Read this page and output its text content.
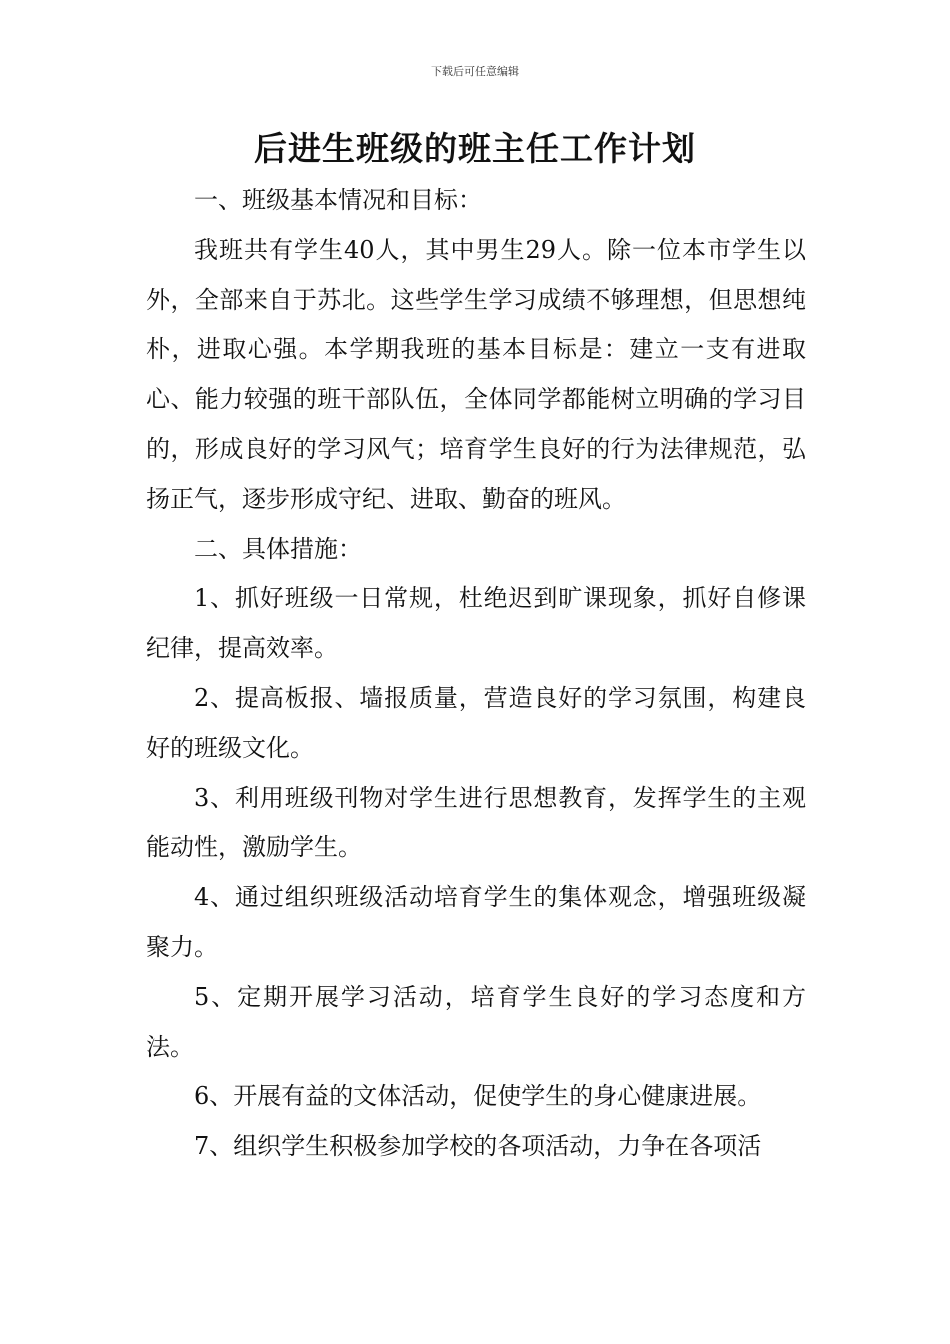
下载后可任意编辑
后进生班级的班主任工作计划

一、班级基本情况和目标：

我班共有学生40人，其中男生29人。除一位本市学生以外，全部来自于苏北。这些学生学习成绩不够理想，但思想纯朴，进取心强。本学期我班的基本目标是：建立一支有进取心、能力较强的班干部队伍，全体同学都能树立明确的学习目的，形成良好的学习风气；培育学生良好的行为法律规范，弘扬正气，逐步形成守纪、进取、勤奋的班风。

二、具体措施：

1、抓好班级一日常规，杜绝迟到旷课现象，抓好自修课纪律，提高效率。

2、提高板报、墙报质量，营造良好的学习氛围，构建良好的班级文化。

3、利用班级刊物对学生进行思想教育，发挥学生的主观能动性，激励学生。

4、通过组织班级活动培育学生的集体观念，增强班级凝聚力。

5、定期开展学习活动，培育学生良好的学习态度和方法。

6、开展有益的文体活动，促使学生的身心健康进展。

7、组织学生积极参加学校的各项活动，力争在各项活
